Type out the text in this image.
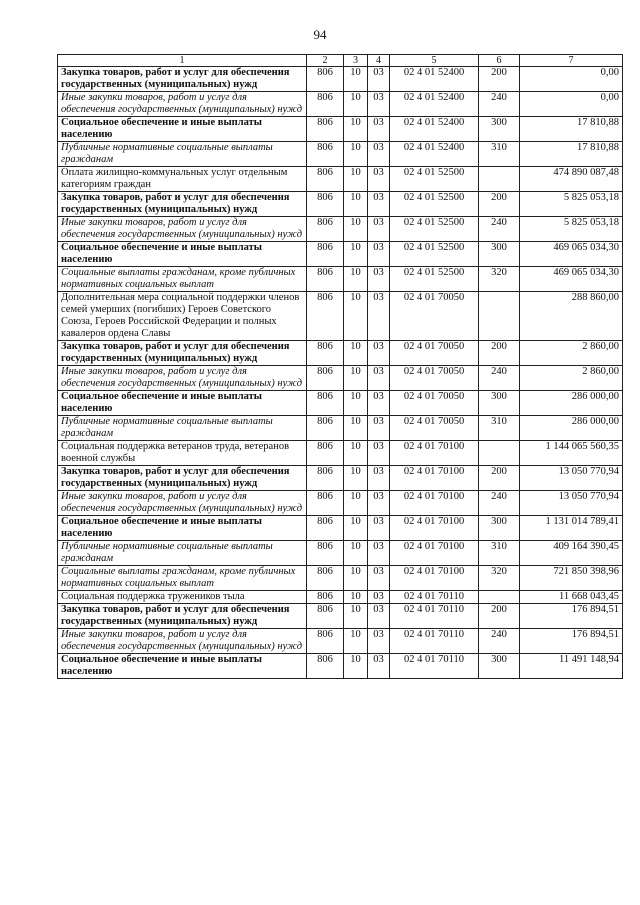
94
1	2	3	4	5	6	7
Закупка товаров, работ и услуг для обеспечения государственных (муниципальных) нужд	806	10	03	02 4 01 52400	200	0,00
Иные закупки товаров, работ и услуг для обеспечения государственных (муниципальных) нужд	806	10	03	02 4 01 52400	240	0,00
Социальное обеспечение и иные выплаты населению	806	10	03	02 4 01 52400	300	17 810,88
Публичные нормативные социальные выплаты гражданам	806	10	03	02 4 01 52400	310	17 810,88
Оплата жилищно-коммунальных услуг отдельным категориям граждан	806	10	03	02 4 01 52500		474 890 087,48
Закупка товаров, работ и услуг для обеспечения государственных (муниципальных) нужд	806	10	03	02 4 01 52500	200	5 825 053,18
Иные закупки товаров, работ и услуг для обеспечения государственных (муниципальных) нужд	806	10	03	02 4 01 52500	240	5 825 053,18
Социальное обеспечение и иные выплаты населению	806	10	03	02 4 01 52500	300	469 065 034,30
Социальные выплаты гражданам, кроме публичных нормативных социальных выплат	806	10	03	02 4 01 52500	320	469 065 034,30
Дополнительная мера социальной поддержки членов семей умерших (погибших) Героев Советского Союза, Героев Российской Федерации и полных кавалеров ордена Славы	806	10	03	02 4 01 70050		288 860,00
Закупка товаров, работ и услуг для обеспечения государственных (муниципальных) нужд	806	10	03	02 4 01 70050	200	2 860,00
Иные закупки товаров, работ и услуг для обеспечения государственных (муниципальных) нужд	806	10	03	02 4 01 70050	240	2 860,00
Социальное обеспечение и иные выплаты населению	806	10	03	02 4 01 70050	300	286 000,00
Публичные нормативные социальные выплаты гражданам	806	10	03	02 4 01 70050	310	286 000,00
Социальная поддержка ветеранов труда, ветеранов военной службы	806	10	03	02 4 01 70100		1 144 065 560,35
Закупка товаров, работ и услуг для обеспечения государственных (муниципальных) нужд	806	10	03	02 4 01 70100	200	13 050 770,94
Иные закупки товаров, работ и услуг для обеспечения государственных (муниципальных) нужд	806	10	03	02 4 01 70100	240	13 050 770,94
Социальное обеспечение и иные выплаты населению	806	10	03	02 4 01 70100	300	1 131 014 789,41
Публичные нормативные социальные выплаты гражданам	806	10	03	02 4 01 70100	310	409 164 390,45
Социальные выплаты гражданам, кроме публичных нормативных социальных выплат	806	10	03	02 4 01 70100	320	721 850 398,96
Социальная поддержка тружеников тыла	806	10	03	02 4 01 70110		11 668 043,45
Закупка товаров, работ и услуг для обеспечения государственных (муниципальных) нужд	806	10	03	02 4 01 70110	200	176 894,51
Иные закупки товаров, работ и услуг для обеспечения государственных (муниципальных) нужд	806	10	03	02 4 01 70110	240	176 894,51
Социальное обеспечение и иные выплаты населению	806	10	03	02 4 01 70110	300	11 491 148,94
